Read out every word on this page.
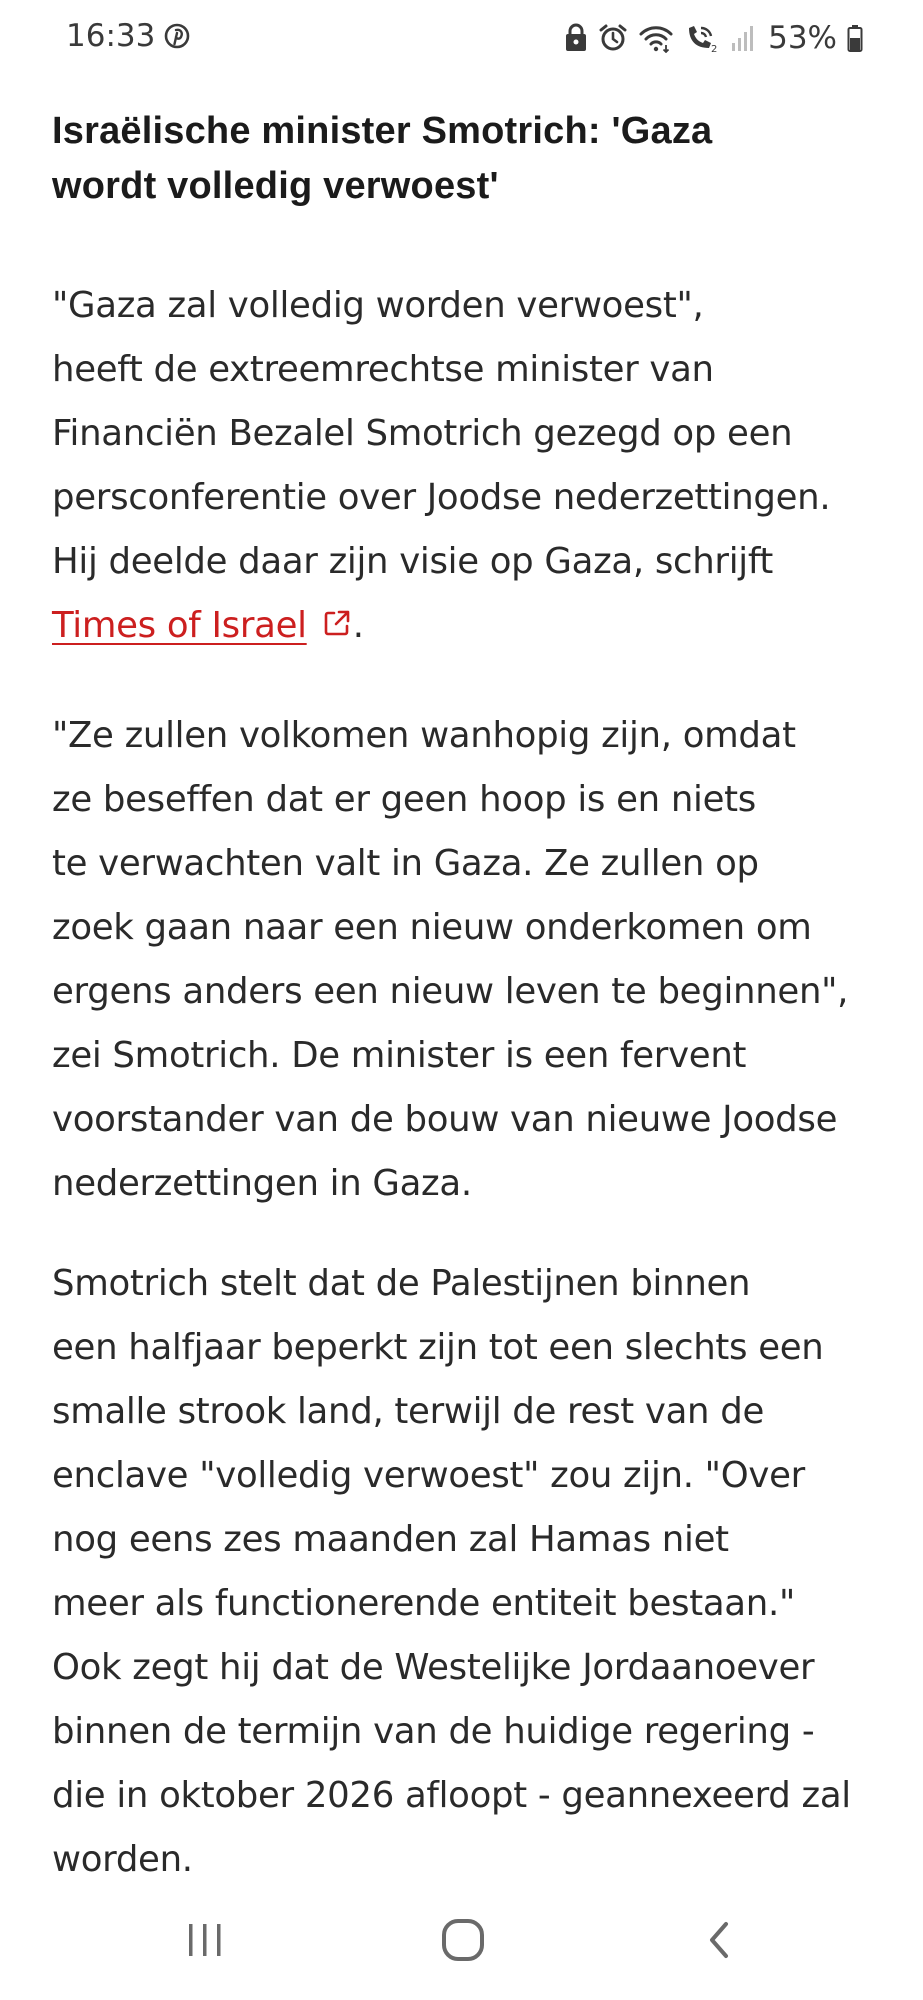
16:33	2 53%
Israëlische minister Smotrich: 'Gaza
wordt volledig verwoest'

"Gaza zal volledig worden verwoest",
heeft de extreemrechtse minister van
Financiën Bezalel Smotrich gezegd op een
persconferentie over Joodse nederzettingen.
Hij deelde daar zijn visie op Gaza, schrijft
Times of Israel .

"Ze zullen volkomen wanhopig zijn, omdat
ze beseffen dat er geen hoop is en niets
te verwachten valt in Gaza. Ze zullen op
zoek gaan naar een nieuw onderkomen om
ergens anders een nieuw leven te beginnen",
zei Smotrich. De minister is een fervent
voorstander van de bouw van nieuwe Joodse
nederzettingen in Gaza.

Smotrich stelt dat de Palestijnen binnen
een halfjaar beperkt zijn tot een slechts een
smalle strook land, terwijl de rest van de
enclave "volledig verwoest" zou zijn. "Over
nog eens zes maanden zal Hamas niet
meer als functionerende entiteit bestaan."
Ook zegt hij dat de Westelijke Jordaanoever
binnen de termijn van de huidige regering -
die in oktober 2026 afloopt - geannexeerd zal
worden.
